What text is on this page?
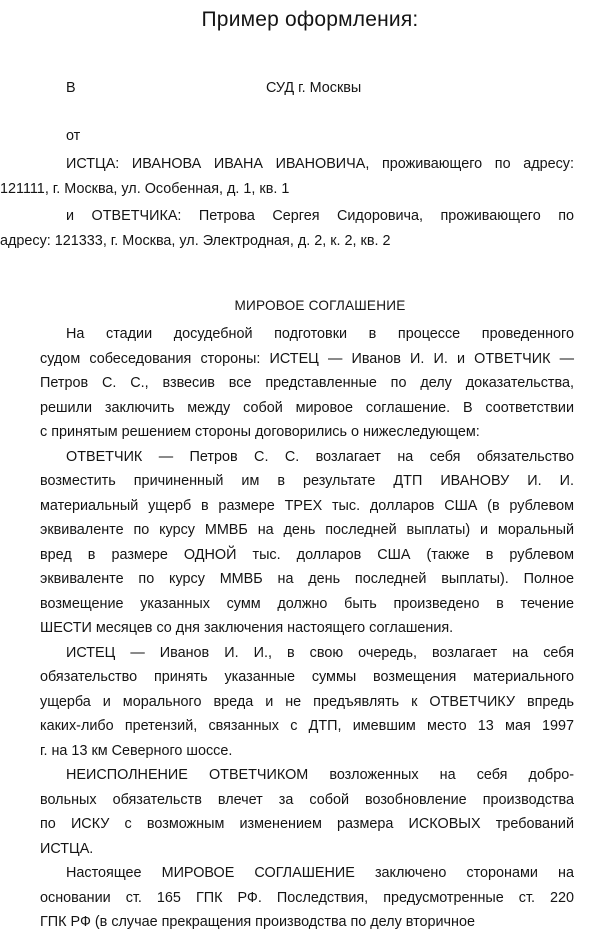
Пример оформления:
В	СУД г. Москвы
от
ИСТЦА: ИВАНОВА ИВАНА ИВАНОВИЧА, проживающего по адресу:
121111, г. Москва, ул. Особенная, д. 1, кв. 1
и ОТВЕТЧИКА: Петрова Сергея Сидоровича, проживающего по
адресу: 121333, г. Москва, ул. Электродная, д. 2, к. 2, кв. 2
МИРОВОЕ СОГЛАШЕНИЕ
На стадии досудебной подготовки в процессе проведенного
судом собеседования стороны: ИСТЕЦ — Иванов И. И. и ОТВЕТЧИК —
Петров С. С., взвесив все представленные по делу доказательства,
решили заключить между собой мировое соглашение. В соответствии
с принятым решением стороны договорились о нижеследующем:
ОТВЕТЧИК — Петров С. С. возлагает на себя обязательство
возместить причиненный им в результате ДТП ИВАНОВУ И. И.
материальный ущерб в размере ТРЕХ тыс. долларов США (в рублевом
эквиваленте по курсу ММВБ на день последней выплаты) и моральный
вред в размере ОДНОЙ тыс. долларов США (также в рублевом
эквиваленте по курсу ММВБ на день последней выплаты). Полное
возмещение указанных сумм должно быть произведено в течение
ШЕСТИ месяцев со дня заключения настоящего соглашения.
ИСТЕЦ — Иванов И. И., в свою очередь, возлагает на себя
обязательство принять указанные суммы возмещения материального
ущерба и морального вреда и не предъявлять к ОТВЕТЧИКУ впредь
каких-либо претензий, связанных с ДТП, имевшим место 13 мая 1997
г. на 13 км Северного шоссе.
НЕИСПОЛНЕНИЕ ОТВЕТЧИКОМ возложенных на себя добро-
вольных обязательств влечет за собой возобновление производства
по ИСКУ с возможным изменением размера ИСКОВЫХ требований
ИСТЦА.
Настоящее МИРОВОЕ СОГЛАШЕНИЕ заключено сторонами на
основании ст. 165 ГПК РФ. Последствия, предусмотренные ст. 220
ГПК РФ (в случае прекращения производства по делу вторичное
